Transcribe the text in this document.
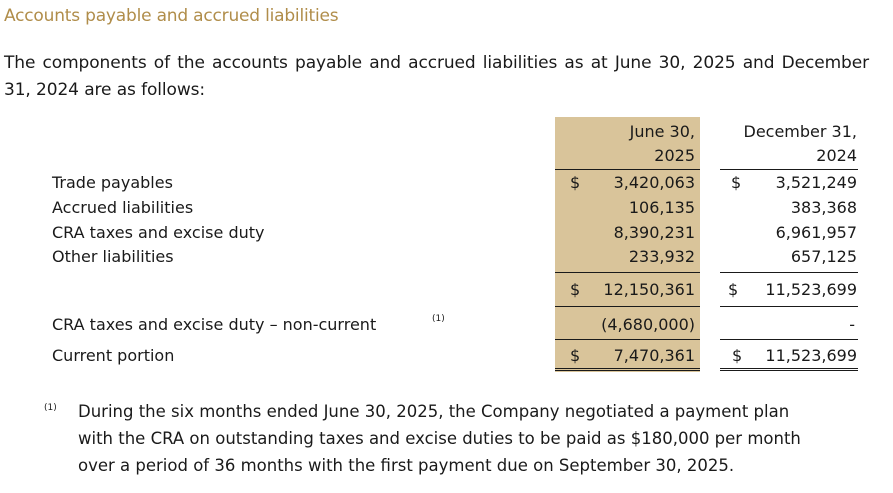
Accounts payable and accrued liabilities
The components of the accounts payable and accrued liabilities as at June 30, 2025 and December 31, 2024 are as follows:
June 30,
2025
December 31,
2024
Trade payables	$ 3,420,063 $ 3,521,249
Accrued liabilities	106,135	383,368
CRA taxes and excise duty	8,390,231	6,961,957
Other liabilities	233,932	657,125
$ 12,150,361 $ 11,523,699
CRA taxes and excise duty – non-current	(1)	(4,680,000)	-
Current portion	$ 7,470,361 $ 11,523,699
(1) During the six months ended June 30, 2025, the Company negotiated a payment plan
with the CRA on outstanding taxes and excise duties to be paid as $180,000 per month
over a period of 36 months with the first payment due on September 30, 2025.
